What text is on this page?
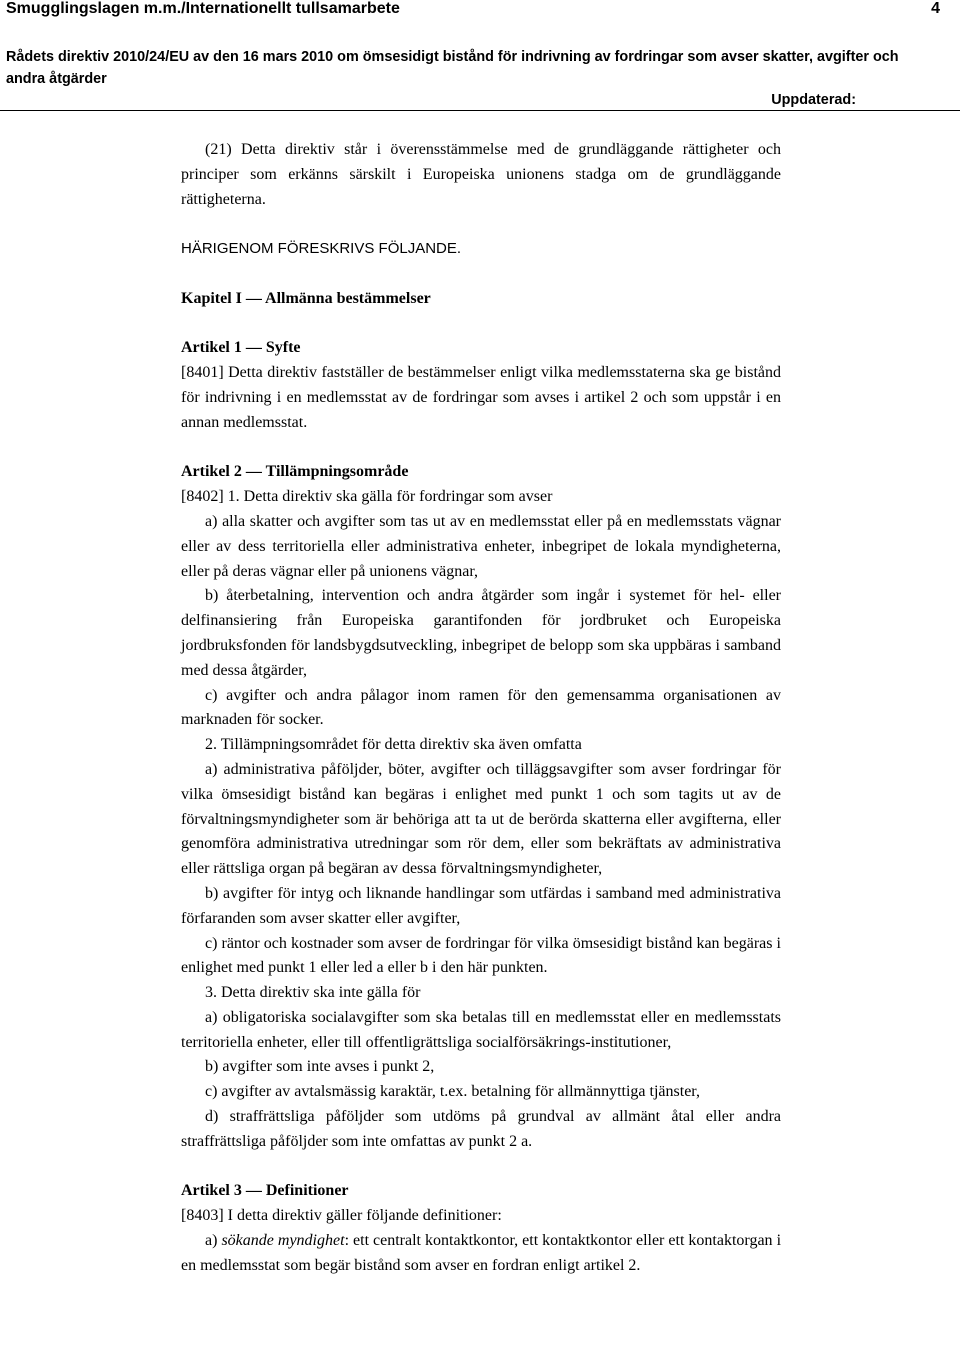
Smugglingslagen m.m./Internationellt tullsamarbete	4
Rådets direktiv 2010/24/EU av den 16 mars 2010 om ömsesidigt bistånd för indrivning av fordringar som avser skatter, avgifter och andra åtgärder
Uppdaterad:

(21) Detta direktiv står i överensstämmelse med de grundläggande rättigheter och principer som erkänns särskilt i Europeiska unionens stadga om de grundläggande rättigheterna.

HÄRIGENOM FÖRESKRIVS FÖLJANDE.

Kapitel I — Allmänna bestämmelser

Artikel 1 — Syfte

[8401] Detta direktiv fastställer de bestämmelser enligt vilka medlemsstaterna ska ge bistånd för indrivning i en medlemsstat av de fordringar som avses i artikel 2 och som uppstår i en annan medlemsstat.

Artikel 2 — Tillämpningsområde

[8402] 1. Detta direktiv ska gälla för fordringar som avser

a) alla skatter och avgifter som tas ut av en medlemsstat eller på en medlemsstats vägnar eller av dess territoriella eller administrativa enheter, inbegripet de lokala myndigheterna, eller på deras vägnar eller på unionens vägnar,

b) återbetalning, intervention och andra åtgärder som ingår i systemet för hel- eller delfinansiering från Europeiska garantifonden för jordbruket och Europeiska jordbruksfonden för landsbygdsutveckling, inbegripet de belopp som ska uppbäras i samband med dessa åtgärder,

c) avgifter och andra pålagor inom ramen för den gemensamma organisationen av marknaden för socker.

2. Tillämpningsområdet för detta direktiv ska även omfatta

a) administrativa påföljder, böter, avgifter och tilläggsavgifter som avser fordringar för vilka ömsesidigt bistånd kan begäras i enlighet med punkt 1 och som tagits ut av de förvaltningsmyndigheter som är behöriga att ta ut de berörda skatterna eller avgifterna, eller genomföra administrativa utredningar som rör dem, eller som bekräftats av administrativa eller rättsliga organ på begäran av dessa förvaltningsmyndigheter,

b) avgifter för intyg och liknande handlingar som utfärdas i samband med administrativa förfaranden som avser skatter eller avgifter,

c) räntor och kostnader som avser de fordringar för vilka ömsesidigt bistånd kan begäras i enlighet med punkt 1 eller led a eller b i den här punkten.

3. Detta direktiv ska inte gälla för

a) obligatoriska socialavgifter som ska betalas till en medlemsstat eller en medlemsstats territoriella enheter, eller till offentligrättsliga socialförsäkrings-institutioner,

b) avgifter som inte avses i punkt 2,

c) avgifter av avtalsmässig karaktär, t.ex. betalning för allmännyttiga tjänster,

d) straffrättsliga påföljder som utdöms på grundval av allmänt åtal eller andra straffrättsliga påföljder som inte omfattas av punkt 2 a.

Artikel 3 — Definitioner

[8403] I detta direktiv gäller följande definitioner:

a) sökande myndighet: ett centralt kontaktkontor, ett kontaktkontor eller ett kontaktorgan i en medlemsstat som begär bistånd som avser en fordran enligt artikel 2.
